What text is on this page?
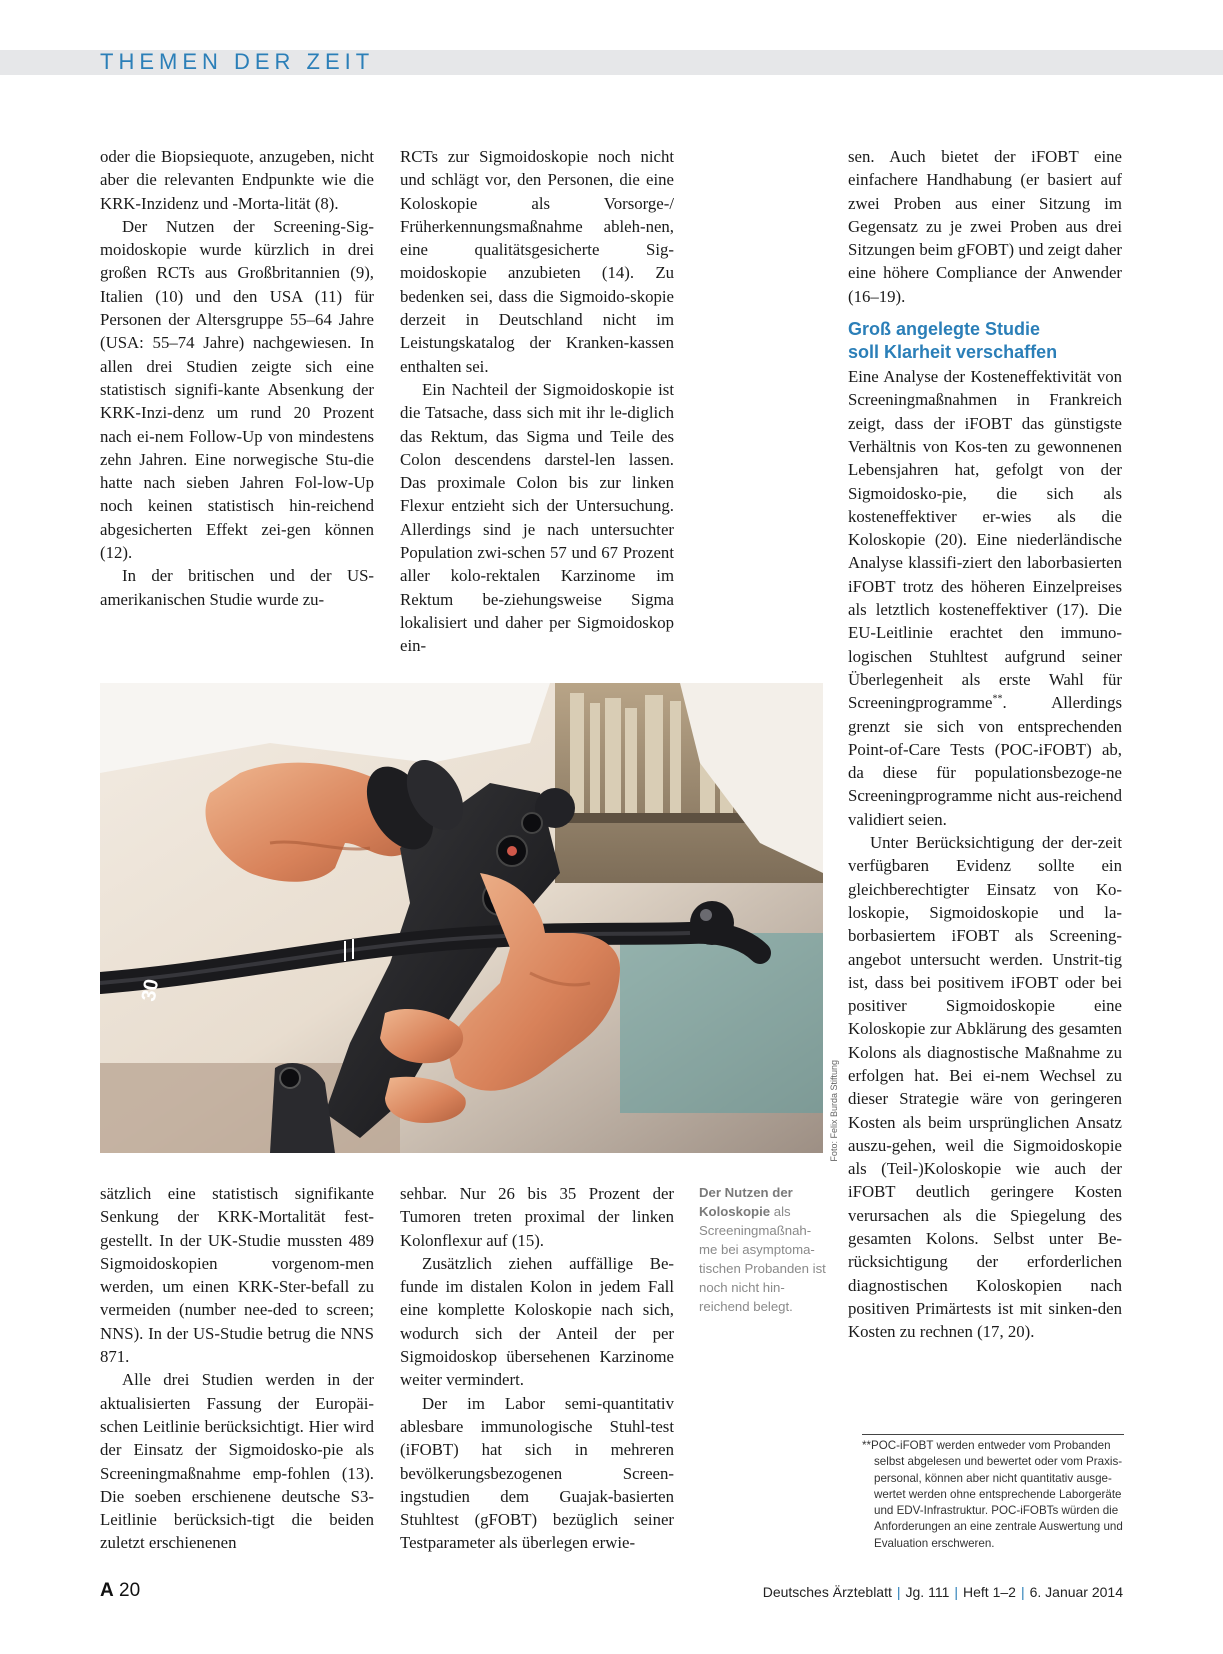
THEMEN DER ZEIT

oder die Biopsiequote, anzugeben, nicht aber die relevanten Endpunkte wie die KRK-Inzidenz und -Morta-lität (8).

Der Nutzen der Screening-Sig-moidoskopie wurde kürzlich in drei großen RCTs aus Großbritannien (9), Italien (10) und den USA (11) für Personen der Altersgruppe 55–64 Jahre (USA: 55–74 Jahre) nachgewiesen. In allen drei Studien zeigte sich eine statistisch signifi-kante Absenkung der KRK-Inzi-denz um rund 20 Prozent nach ei-nem Follow-Up von mindestens zehn Jahren. Eine norwegische Stu-die hatte nach sieben Jahren Fol-low-Up noch keinen statistisch hin-reichend abgesicherten Effekt zei-gen können (12).

In der britischen und der US-amerikanischen Studie wurde zu-

RCTs zur Sigmoidoskopie noch nicht und schlägt vor, den Personen, die eine Koloskopie als Vorsorge-/ Früherkennungsmaßnahme ableh-nen, eine qualitätsgesicherte Sig-moidoskopie anzubieten (14). Zu bedenken sei, dass die Sigmoido-skopie derzeit in Deutschland nicht im Leistungskatalog der Kranken-kassen enthalten sei.

Ein Nachteil der Sigmoidoskopie ist die Tatsache, dass sich mit ihr le-diglich das Rektum, das Sigma und Teile des Colon descendens darstel-len lassen. Das proximale Colon bis zur linken Flexur entzieht sich der Untersuchung. Allerdings sind je nach untersuchter Population zwi-schen 57 und 67 Prozent aller kolo-rektalen Karzinome im Rektum be-ziehungsweise Sigma lokalisiert und daher per Sigmoidoskop ein-

sen. Auch bietet der iFOBT eine einfachere Handhabung (er basiert auf zwei Proben aus einer Sitzung im Gegensatz zu je zwei Proben aus drei Sitzungen beim gFOBT) und zeigt daher eine höhere Compliance der Anwender (16–19).

Groß angelegte Studie
soll Klarheit verschaffen

Eine Analyse der Kosteneffektivität von Screeningmaßnahmen in Frankreich zeigt, dass der iFOBT das günstigste Verhältnis von Kos-ten zu gewonnenen Lebensjahren hat, gefolgt von der Sigmoidosko-pie, die sich als kosteneffektiver er-wies als die Koloskopie (20). Eine niederländische Analyse klassifi-ziert den laborbasierten iFOBT trotz des höheren Einzelpreises als letztlich kosteneffektiver (17). Die EU-Leitlinie erachtet den immuno-logischen Stuhltest aufgrund seiner Überlegenheit als erste Wahl für Screeningprogramme**. Allerdings grenzt sie sich von entsprechenden Point-of-Care Tests (POC-iFOBT) ab, da diese für populationsbezoge-ne Screeningprogramme nicht aus-reichend validiert seien.

Unter Berücksichtigung der der-zeit verfügbaren Evidenz sollte ein gleichberechtigter Einsatz von Ko-loskopie, Sigmoidoskopie und la-borbasiertem iFOBT als Screening-angebot untersucht werden. Unstrit-tig ist, dass bei positivem iFOBT oder bei positiver Sigmoidoskopie eine Koloskopie zur Abklärung des gesamten Kolons als diagnostische Maßnahme zu erfolgen hat. Bei ei-nem Wechsel zu dieser Strategie wäre von geringeren Kosten als beim ursprünglichen Ansatz auszu-gehen, weil die Sigmoidoskopie als (Teil-)Koloskopie wie auch der iFOBT deutlich geringere Kosten verursachen als die Spiegelung des gesamten Kolons. Selbst unter Be-rücksichtigung der erforderlichen diagnostischen Koloskopien nach positiven Primärtests ist mit sinken-den Kosten zu rechnen (17, 20).

30
Foto: Felix Burda Stiftung

sätzlich eine statistisch signifikante Senkung der KRK-Mortalität fest-gestellt. In der UK-Studie mussten 489 Sigmoidoskopien vorgenom-men werden, um einen KRK-Ster-befall zu vermeiden (number nee-ded to screen; NNS). In der US-Studie betrug die NNS 871.

Alle drei Studien werden in der aktualisierten Fassung der Europäi-schen Leitlinie berücksichtigt. Hier wird der Einsatz der Sigmoidosko-pie als Screeningmaßnahme emp-fohlen (13). Die soeben erschienene deutsche S3-Leitlinie berücksich-tigt die beiden zuletzt erschienenen

sehbar. Nur 26 bis 35 Prozent der Tumoren treten proximal der linken Kolonflexur auf (15).

Zusätzlich ziehen auffällige Be-funde im distalen Kolon in jedem Fall eine komplette Koloskopie nach sich, wodurch sich der Anteil der per Sigmoidoskop übersehenen Karzinome weiter vermindert.

Der im Labor semi-quantitativ ablesbare immunologische Stuhl-test (iFOBT) hat sich in mehreren bevölkerungsbezogenen Screen-ingstudien dem Guajak-basierten Stuhltest (gFOBT) bezüglich seiner Testparameter als überlegen erwie-

Der Nutzen der Koloskopie als Screeningmaßnah-me bei asymptoma-tischen Probanden ist noch nicht hin-reichend belegt.
**POC-iFOBT werden entweder vom Probanden selbst abgelesen und bewertet oder vom Praxis-personal, können aber nicht quantitativ ausge-wertet werden ohne entsprechende Laborgeräte und EDV-Infrastruktur. POC-iFOBTs würden die Anforderungen an eine zentrale Auswertung und Evaluation erschweren.
A 20	Deutsches Ärzteblatt | Jg. 111 | Heft 1–2 | 6. Januar 2014
